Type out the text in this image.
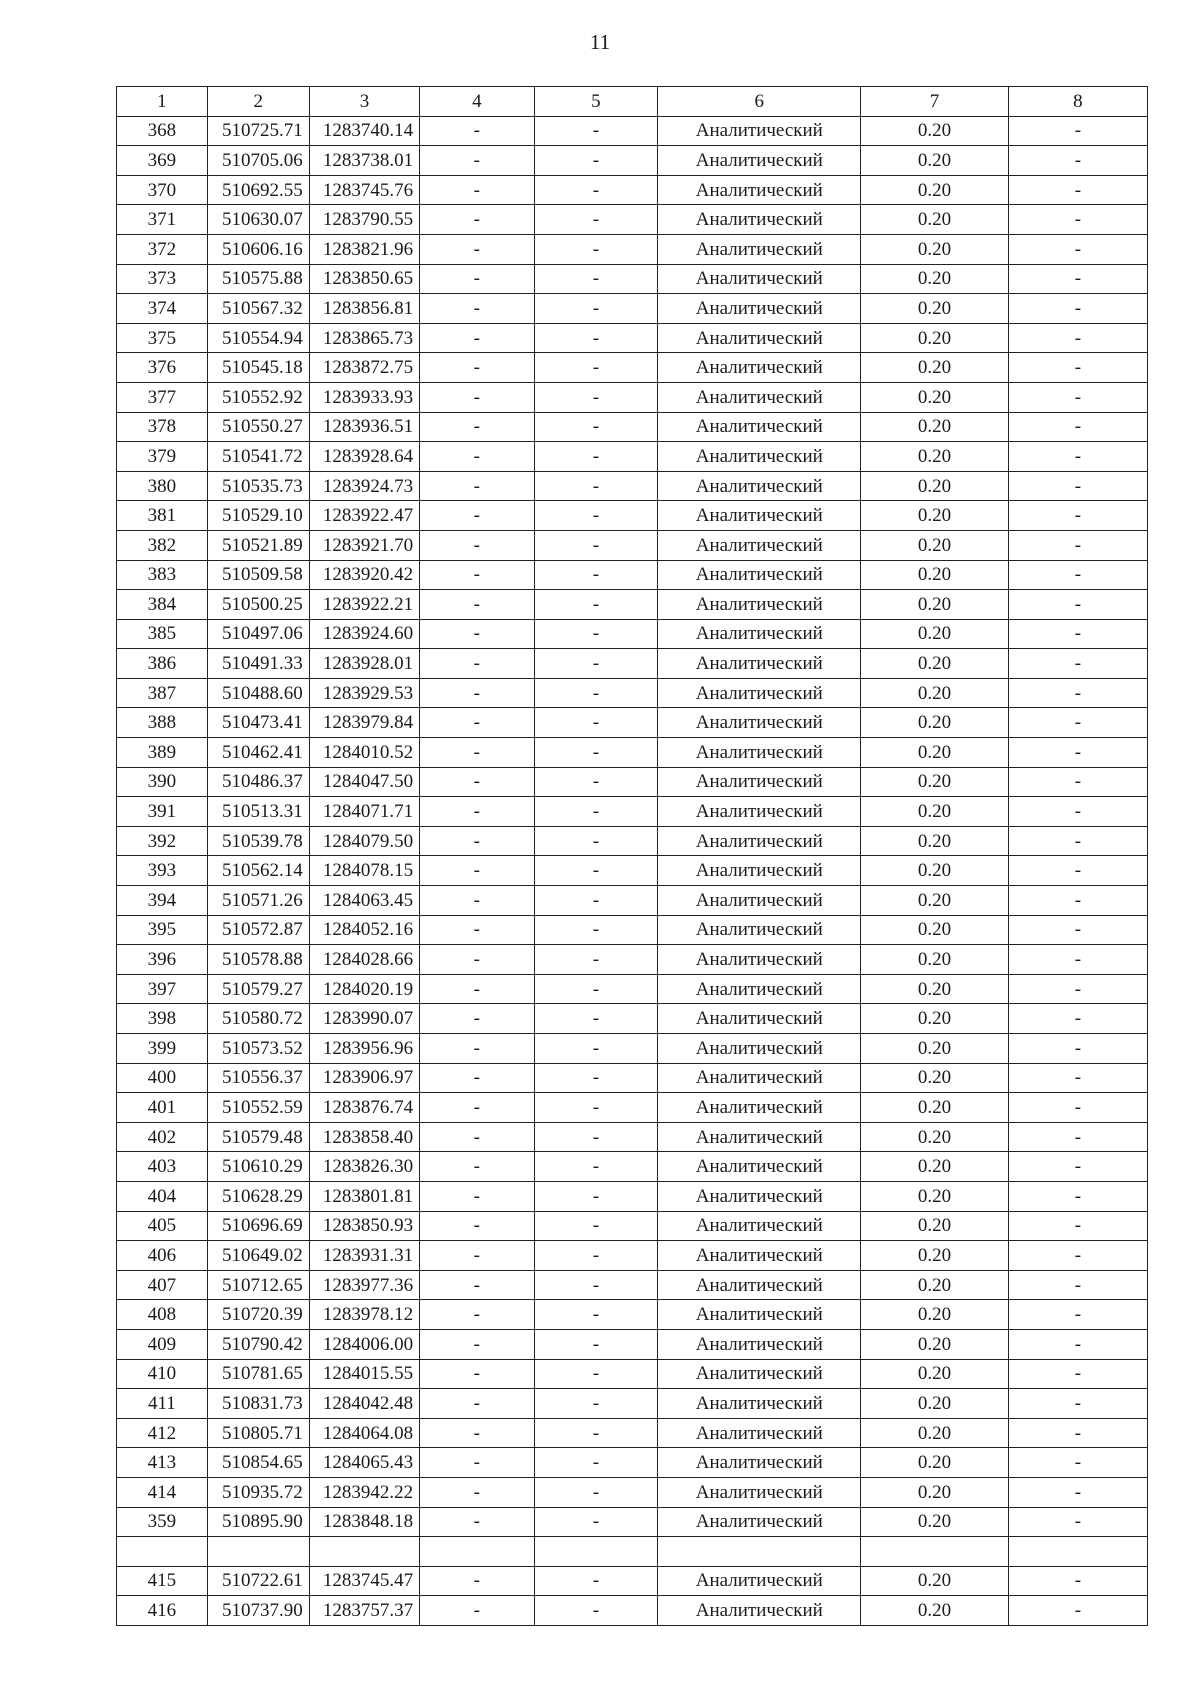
11
1	2	3	4	5	6	7	8
368	510725.71	1283740.14	-	-	Аналитический	0.20	-
369	510705.06	1283738.01	-	-	Аналитический	0.20	-
370	510692.55	1283745.76	-	-	Аналитический	0.20	-
371	510630.07	1283790.55	-	-	Аналитический	0.20	-
372	510606.16	1283821.96	-	-	Аналитический	0.20	-
373	510575.88	1283850.65	-	-	Аналитический	0.20	-
374	510567.32	1283856.81	-	-	Аналитический	0.20	-
375	510554.94	1283865.73	-	-	Аналитический	0.20	-
376	510545.18	1283872.75	-	-	Аналитический	0.20	-
377	510552.92	1283933.93	-	-	Аналитический	0.20	-
378	510550.27	1283936.51	-	-	Аналитический	0.20	-
379	510541.72	1283928.64	-	-	Аналитический	0.20	-
380	510535.73	1283924.73	-	-	Аналитический	0.20	-
381	510529.10	1283922.47	-	-	Аналитический	0.20	-
382	510521.89	1283921.70	-	-	Аналитический	0.20	-
383	510509.58	1283920.42	-	-	Аналитический	0.20	-
384	510500.25	1283922.21	-	-	Аналитический	0.20	-
385	510497.06	1283924.60	-	-	Аналитический	0.20	-
386	510491.33	1283928.01	-	-	Аналитический	0.20	-
387	510488.60	1283929.53	-	-	Аналитический	0.20	-
388	510473.41	1283979.84	-	-	Аналитический	0.20	-
389	510462.41	1284010.52	-	-	Аналитический	0.20	-
390	510486.37	1284047.50	-	-	Аналитический	0.20	-
391	510513.31	1284071.71	-	-	Аналитический	0.20	-
392	510539.78	1284079.50	-	-	Аналитический	0.20	-
393	510562.14	1284078.15	-	-	Аналитический	0.20	-
394	510571.26	1284063.45	-	-	Аналитический	0.20	-
395	510572.87	1284052.16	-	-	Аналитический	0.20	-
396	510578.88	1284028.66	-	-	Аналитический	0.20	-
397	510579.27	1284020.19	-	-	Аналитический	0.20	-
398	510580.72	1283990.07	-	-	Аналитический	0.20	-
399	510573.52	1283956.96	-	-	Аналитический	0.20	-
400	510556.37	1283906.97	-	-	Аналитический	0.20	-
401	510552.59	1283876.74	-	-	Аналитический	0.20	-
402	510579.48	1283858.40	-	-	Аналитический	0.20	-
403	510610.29	1283826.30	-	-	Аналитический	0.20	-
404	510628.29	1283801.81	-	-	Аналитический	0.20	-
405	510696.69	1283850.93	-	-	Аналитический	0.20	-
406	510649.02	1283931.31	-	-	Аналитический	0.20	-
407	510712.65	1283977.36	-	-	Аналитический	0.20	-
408	510720.39	1283978.12	-	-	Аналитический	0.20	-
409	510790.42	1284006.00	-	-	Аналитический	0.20	-
410	510781.65	1284015.55	-	-	Аналитический	0.20	-
411	510831.73	1284042.48	-	-	Аналитический	0.20	-
412	510805.71	1284064.08	-	-	Аналитический	0.20	-
413	510854.65	1284065.43	-	-	Аналитический	0.20	-
414	510935.72	1283942.22	-	-	Аналитический	0.20	-
359	510895.90	1283848.18	-	-	Аналитический	0.20	-

415	510722.61	1283745.47	-	-	Аналитический	0.20	-
416	510737.90	1283757.37	-	-	Аналитический	0.20	-
